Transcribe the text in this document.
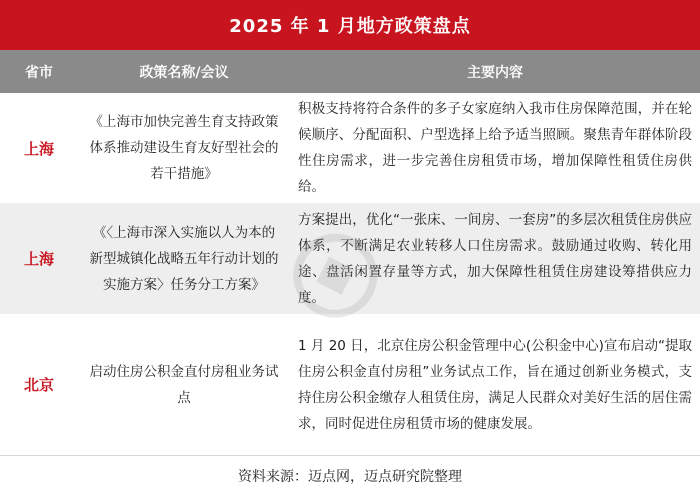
2025 年 1 月地方政策盘点
省市	政策名称/会议	主要内容
上海
《上海市加快完善生育支持政策体系推动建设生育友好型社会的若干措施》
积极支持将符合条件的多子女家庭纳入我市住房保障范围，并在轮候顺序、分配面积、户型选择上给予适当照顾。聚焦青年群体阶段性住房需求，进一步完善住房租赁市场，增加保障性租赁住房供给。
上海
《〈上海市深入实施以人为本的新型城镇化战略五年行动计划的实施方案〉任务分工方案》
方案提出，优化“一张床、一间房、一套房”的多层次租赁住房供应体系，不断满足农业转移人口住房需求。鼓励通过收购、转化用途、盘活闲置存量等方式，加大保障性租赁住房建设筹措供应力度。
北京
启动住房公积金直付房租业务试点
1 月 20 日，北京住房公积金管理中心(公积金中心)宣布启动“提取住房公积金直付房租”业务试点工作，旨在通过创新业务模式，支持住房公积金缴存人租赁住房，满足人民群众对美好生活的居住需求，同时促进住房租赁市场的健康发展。
资料来源：迈点网，迈点研究院整理
